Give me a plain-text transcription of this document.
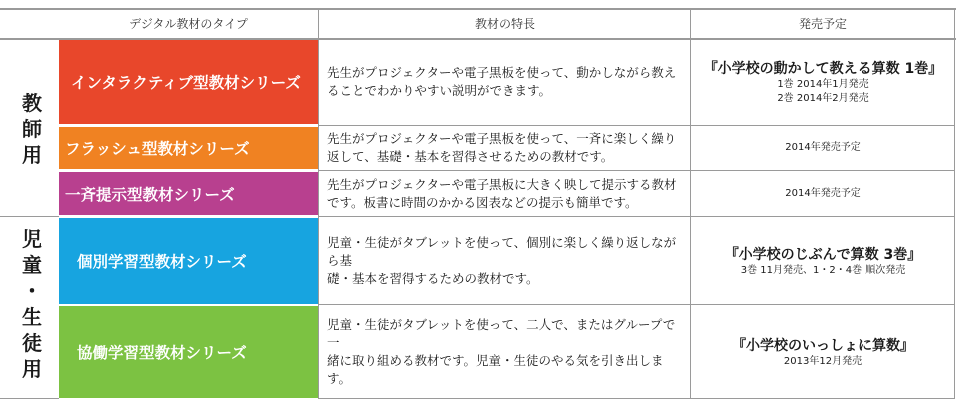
デジタル教材のタイプ	教材の特長	発売予定
教
師
用
児
童
・
生
徒
用
インタラクティブ型教材シリーズ
先生がプロジェクターや電子黒板を使って、動かしながら教え
ることでわかりやすい説明ができます。
『小学校の動かして教える算数 1巻』
1巻 2014年1月発売
2巻 2014年2月発売
フラッシュ型教材シリーズ
先生がプロジェクターや電子黒板を使って、一斉に楽しく繰り
返して、基礎・基本を習得させるための教材です。
2014年発売予定
一斉提示型教材シリーズ
先生がプロジェクターや電子黒板に大きく映して提示する教材
です。板書に時間のかかる図表などの提示も簡単です。
2014年発売予定
個別学習型教材シリーズ
児童・生徒がタブレットを使って、個別に楽しく繰り返しながら基
礎・基本を習得するための教材です。
『小学校のじぶんで算数 3巻』
3巻 11月発売、1・2・4巻 順次発売
協働学習型教材シリーズ
児童・生徒がタブレットを使って、二人で、またはグループで一
緒に取り組める教材です。児童・生徒のやる気を引き出します。
『小学校のいっしょに算数』
2013年12月発売
